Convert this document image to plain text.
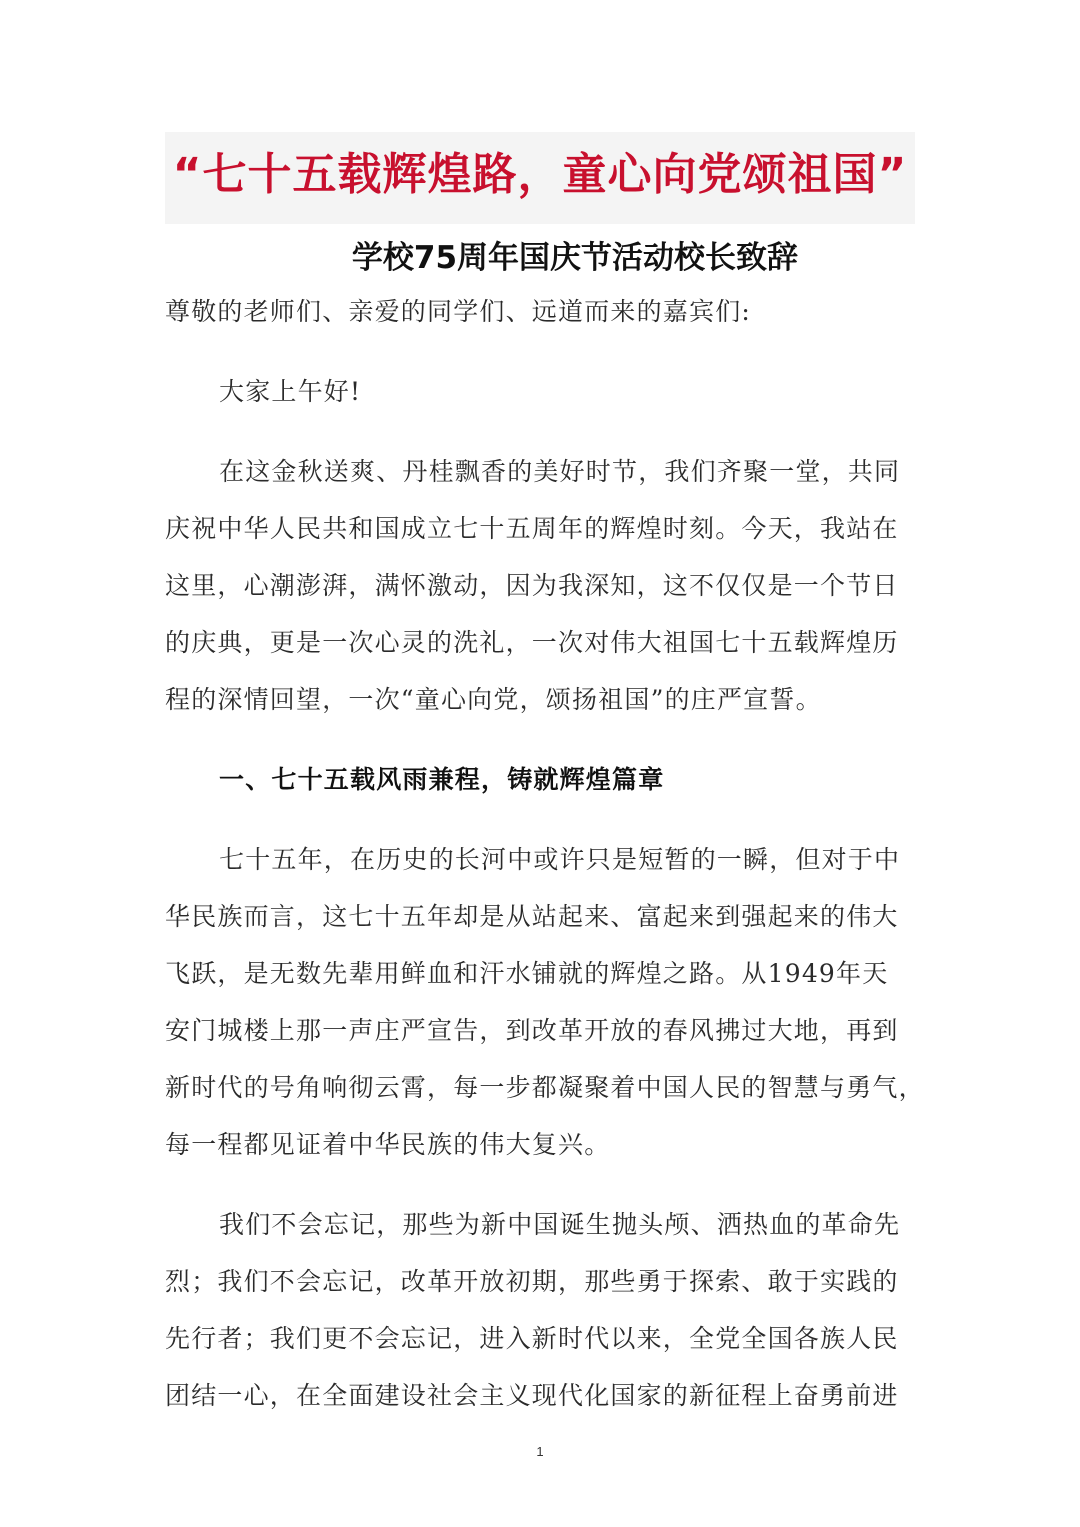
“七十五载辉煌路，童心向党颂祖国”
学校75周年国庆节活动校长致辞
尊敬的老师们、亲爱的同学们、远道而来的嘉宾们:
大家上午好!
在这金秋送爽、丹桂飘香的美好时节，我们齐聚一堂，共同
庆祝中华人民共和国成立七十五周年的辉煌时刻。今天，我站在
这里，心潮澎湃，满怀激动，因为我深知，这不仅仅是一个节日
的庆典，更是一次心灵的洗礼，一次对伟大祖国七十五载辉煌历
程的深情回望，一次“童心向党，颂扬祖国”的庄严宣誓。
一、七十五载风雨兼程，铸就辉煌篇章
七十五年，在历史的长河中或许只是短暂的一瞬，但对于中
华民族而言，这七十五年却是从站起来、富起来到强起来的伟大
飞跃，是无数先辈用鲜血和汗水铺就的辉煌之路。从1949年天
安门城楼上那一声庄严宣告，到改革开放的春风拂过大地，再到
新时代的号角响彻云霄，每一步都凝聚着中国人民的智慧与勇气，
每一程都见证着中华民族的伟大复兴。
我们不会忘记，那些为新中国诞生抛头颅、洒热血的革命先
烈；我们不会忘记，改革开放初期，那些勇于探索、敢于实践的
先行者；我们更不会忘记，进入新时代以来，全党全国各族人民
团结一心，在全面建设社会主义现代化国家的新征程上奋勇前进
1
